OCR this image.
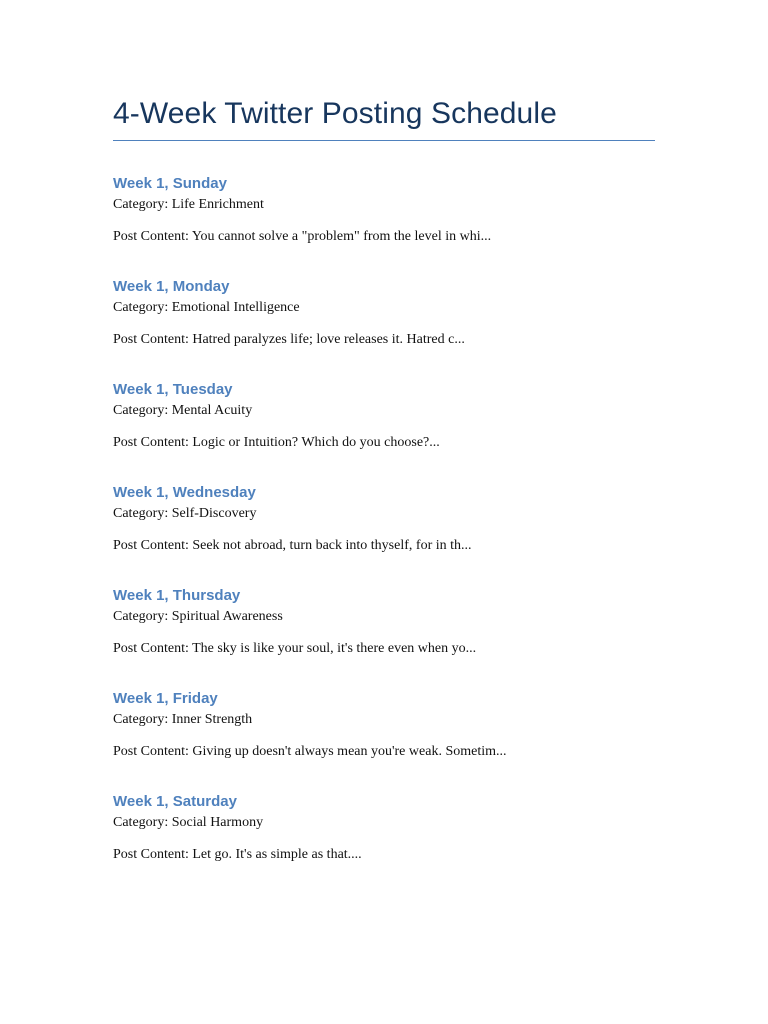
4-Week Twitter Posting Schedule
Week 1, Sunday

Category: Life Enrichment

Post Content: You cannot solve a "problem" from the level in whi...

Week 1, Monday

Category: Emotional Intelligence

Post Content: Hatred paralyzes life; love releases it. Hatred c...

Week 1, Tuesday

Category: Mental Acuity

Post Content: Logic or Intuition? Which do you choose?...

Week 1, Wednesday

Category: Self-Discovery

Post Content: Seek not abroad, turn back into thyself, for in th...

Week 1, Thursday

Category: Spiritual Awareness

Post Content: The sky is like your soul, it's there even when yo...

Week 1, Friday

Category: Inner Strength

Post Content: Giving up doesn't always mean you're weak. Sometim...

Week 1, Saturday

Category: Social Harmony

Post Content: Let go. It's as simple as that....
